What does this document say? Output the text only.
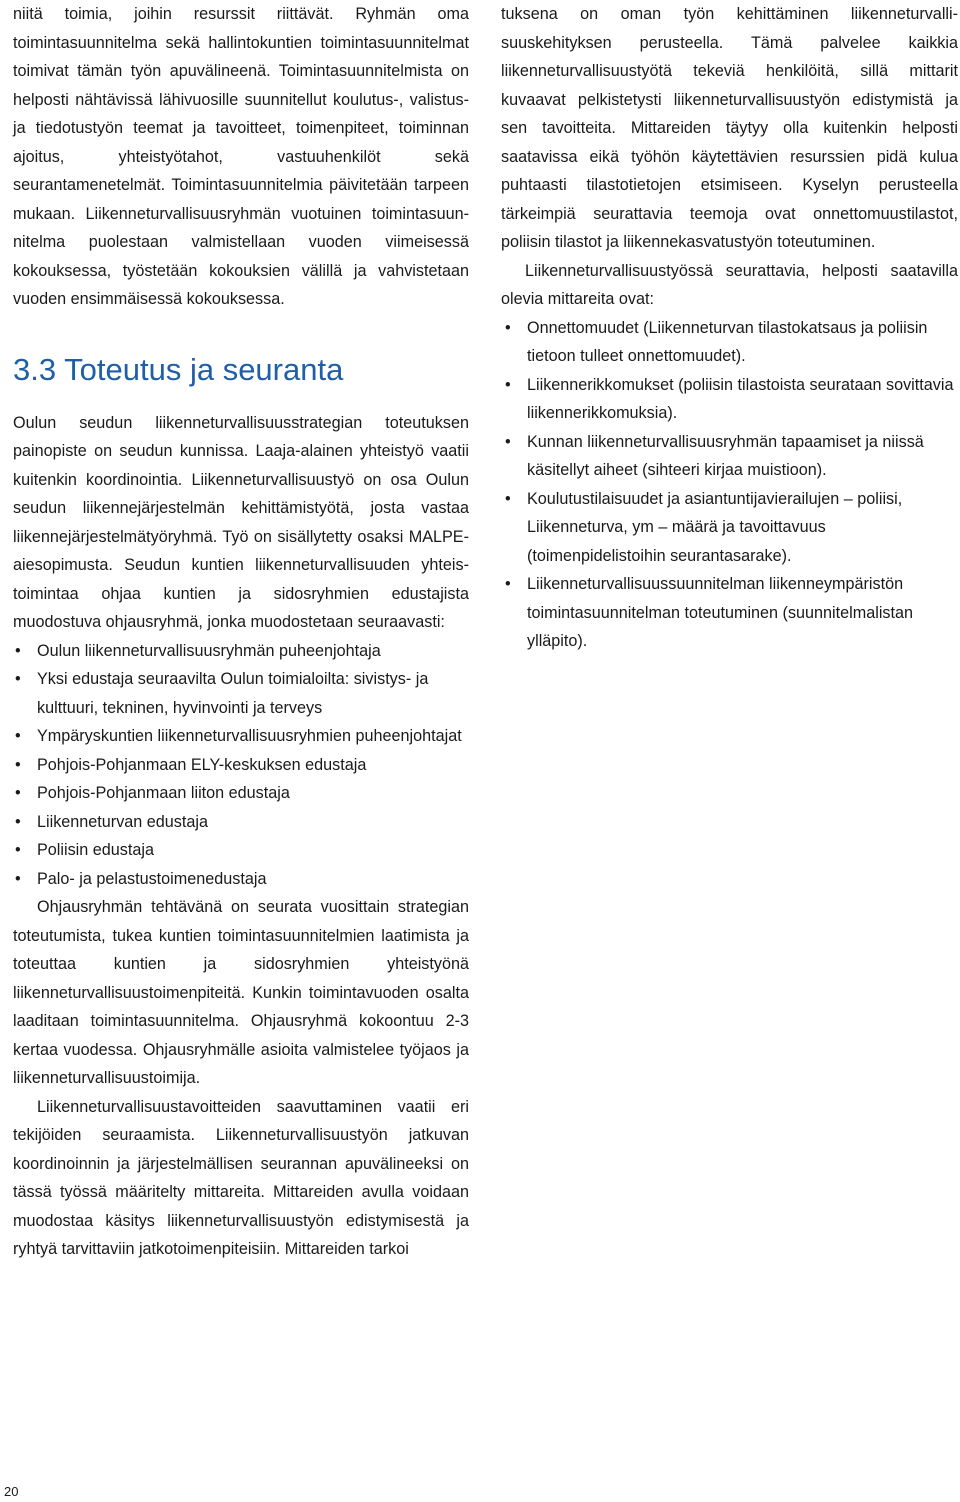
niitä toimia, joihin resurssit riittävät. Ryhmän oma toimintasuunnitelma sekä hallintokuntien toimintasuunnitelmat toimivat tämän työn apuvälineenä. Toimintasuunnitelmista on helposti nähtävissä lähivuosille suunnitellut koulutus-, valistus- ja tiedotustyön teemat ja tavoitteet, toimenpiteet, toiminnan ajoitus, yhteistyötahot, vastuuhenkilöt sekä seurantamenetelmät. Toimintasuunnitelmia päivitetään tarpeen mukaan. Liikenneturvallisuusryhmän vuotuinen toimintasuunnitelma puolestaan valmistellaan vuoden viimeisessä kokouksessa, työstetään kokouksien välillä ja vahvistetaan vuoden ensimmäisessä kokouksessa.

3.3 Toteutus ja seuranta

Oulun seudun liikenneturvallisuusstrategian toteutuksen painopiste on seudun kunnissa. Laaja-alainen yhteistyö vaatii kuitenkin koordinointia. Liikenneturvallisuustyö on osa Oulun seudun liikennejärjestelmän kehittämistyötä, josta vastaa liikennejärjestelmätyöryhmä. Työ on sisällytetty osaksi MALPE-aiesopimusta. Seudun kuntien liikenneturvallisuuden yhteistoimintaa ohjaa kuntien ja sidosryhmien edustajista muodostuva ohjausryhmä, jonka muodostetaan seuraavasti:

• Oulun liikenneturvallisuusryhmän puheenjohtaja
• Yksi edustaja seuraavilta Oulun toimialoilta: sivistys- ja kulttuuri, tekninen, hyvinvointi ja terveys
• Ympäryskuntien liikenneturvallisuusryhmien puheenjohtajat
• Pohjois-Pohjanmaan ELY-keskuksen edustaja
• Pohjois-Pohjanmaan liiton edustaja
• Liikenneturvan edustaja
• Poliisin edustaja
• Palo- ja pelastustoimenedustaja

Ohjausryhmän tehtävänä on seurata vuosittain strategian toteutumista, tukea kuntien toimintasuunnitelmien laatimista ja toteuttaa kuntien ja sidosryhmien yhteistyönä liikenneturvallisuustoimenpiteitä. Kunkin toimintavuoden osalta laaditaan toimintasuunnitelma. Ohjausryhmä kokoontuu 2-3 kertaa vuodessa. Ohjausryhmälle asioita valmistelee työjaos ja liikenneturvallisuustoimija.

Liikenneturvallisuustavoitteiden saavuttaminen vaatii eri tekijöiden seuraamista. Liikenneturvallisuustyön jatkuvan koordinoinnin ja järjestelmällisen seurannan apuvälineeksi on tässä työssä määritelty mittareita. Mittareiden avulla voidaan muodostaa käsitys liikenneturvallisuustyön edistymisestä ja ryhtyä tarvittaviin jatkotoimenpiteisiin. Mittareiden tarkoi

tuksena on oman työn kehittäminen liikenneturvallisuuskehityksen perusteella. Tämä palvelee kaikkia liikenneturvallisuustyötä tekeviä henkilöitä, sillä mittarit kuvaavat pelkistetysti liikenneturvallisuustyön edistymistä ja sen tavoitteita. Mittareiden täytyy olla kuitenkin helposti saatavissa eikä työhön käytettävien resurssien pidä kulua puhtaasti tilastotietojen etsimiseen. Kyselyn perusteella tärkeimpiä seurattavia teemoja ovat onnettomuustilastot, poliisin tilastot ja liikennekasvatustyön toteutuminen.

Liikenneturvallisuustyössä seurattavia, helposti saatavilla olevia mittareita ovat:

• Onnettomuudet (Liikenneturvan tilastokatsaus ja poliisin tietoon tulleet onnettomuudet).
• Liikennerikkomukset (poliisin tilastoista seurataan sovittavia liikennerikkomuksia).
• Kunnan liikenneturvallisuusryhmän tapaamiset ja niissä käsitellyt aiheet (sihteeri kirjaa muistioon).
• Koulutustilaisuudet ja asiantuntijavierailujen – poliisi, Liikenneturva, ym – määrä ja tavoittavuus (toimenpidelistoihin seurantasarake).
• Liikenneturvallisuussuunnitelman liikenneympäristön toimintasuunnitelman toteutuminen (suunnitelmalistan ylläpito).
20
